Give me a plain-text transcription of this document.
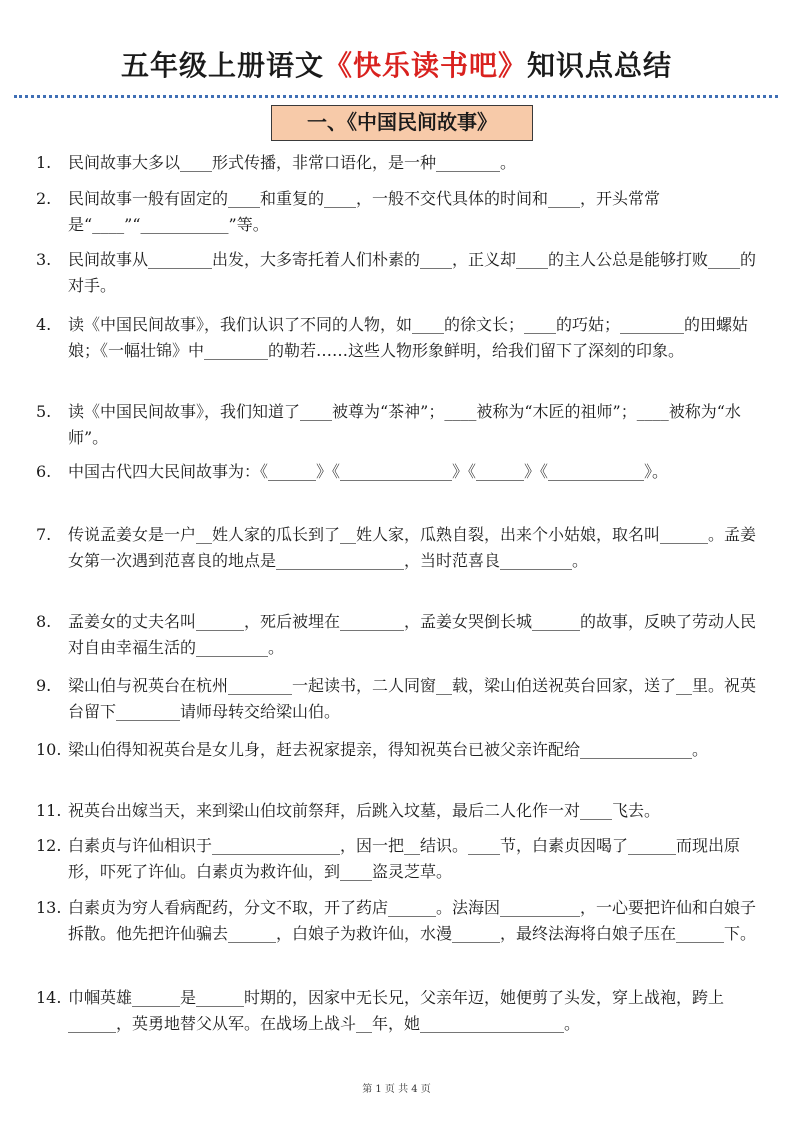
五年级上册语文《快乐读书吧》知识点总结
一、《中国民间故事》
1.	民间故事大多以____形式传播，非常口语化，是一种________。
2.	民间故事一般有固定的____和重复的____，一般不交代具体的时间和____，开头常常是“____”“___________”等。
3.	民间故事从________出发，大多寄托着人们朴素的____，正义却____的主人公总是能够打败____的对手。
4.	读《中国民间故事》，我们认识了不同的人物，如____的徐文长；____的巧姑；________的田螺姑娘；《一幅壮锦》中________的勒若……这些人物形象鲜明，给我们留下了深刻的印象。
5.	读《中国民间故事》，我们知道了____被尊为“茶神”；____被称为“木匠的祖师”；____被称为“水师”。
6.	中国古代四大民间故事为：《______》《______________》《______》《____________》。
7.	传说孟姜女是一户__姓人家的瓜长到了__姓人家，瓜熟自裂，出来个小姑娘，取名叫______。孟姜女第一次遇到范喜良的地点是________________，当时范喜良_________。
8.	孟姜女的丈夫名叫______，死后被埋在________，孟姜女哭倒长城______的故事，反映了劳动人民对自由幸福生活的_________。
9.	梁山伯与祝英台在杭州________一起读书，二人同窗__载，梁山伯送祝英台回家，送了__里。祝英台留下________请师母转交给梁山伯。
10. 梁山伯得知祝英台是女儿身，赶去祝家提亲，得知祝英台已被父亲许配给______________。
11. 祝英台出嫁当天，来到梁山伯坟前祭拜，后跳入坟墓，最后二人化作一对____飞去。
12. 白素贞与许仙相识于________________，因一把__结识。____节，白素贞因喝了______而现出原形，吓死了许仙。白素贞为救许仙，到____盗灵芝草。
13. 白素贞为穷人看病配药，分文不取，开了药店______。法海因__________，一心要把许仙和白娘子拆散。他先把许仙骗去______，白娘子为救许仙，水漫______，最终法海将白娘子压在______下。
14. 巾帼英雄______是______时期的，因家中无长兄，父亲年迈，她便剪了头发，穿上战袍，跨上______，英勇地替父从军。在战场上战斗__年，她__________________。
第 1 页 共 4 页
